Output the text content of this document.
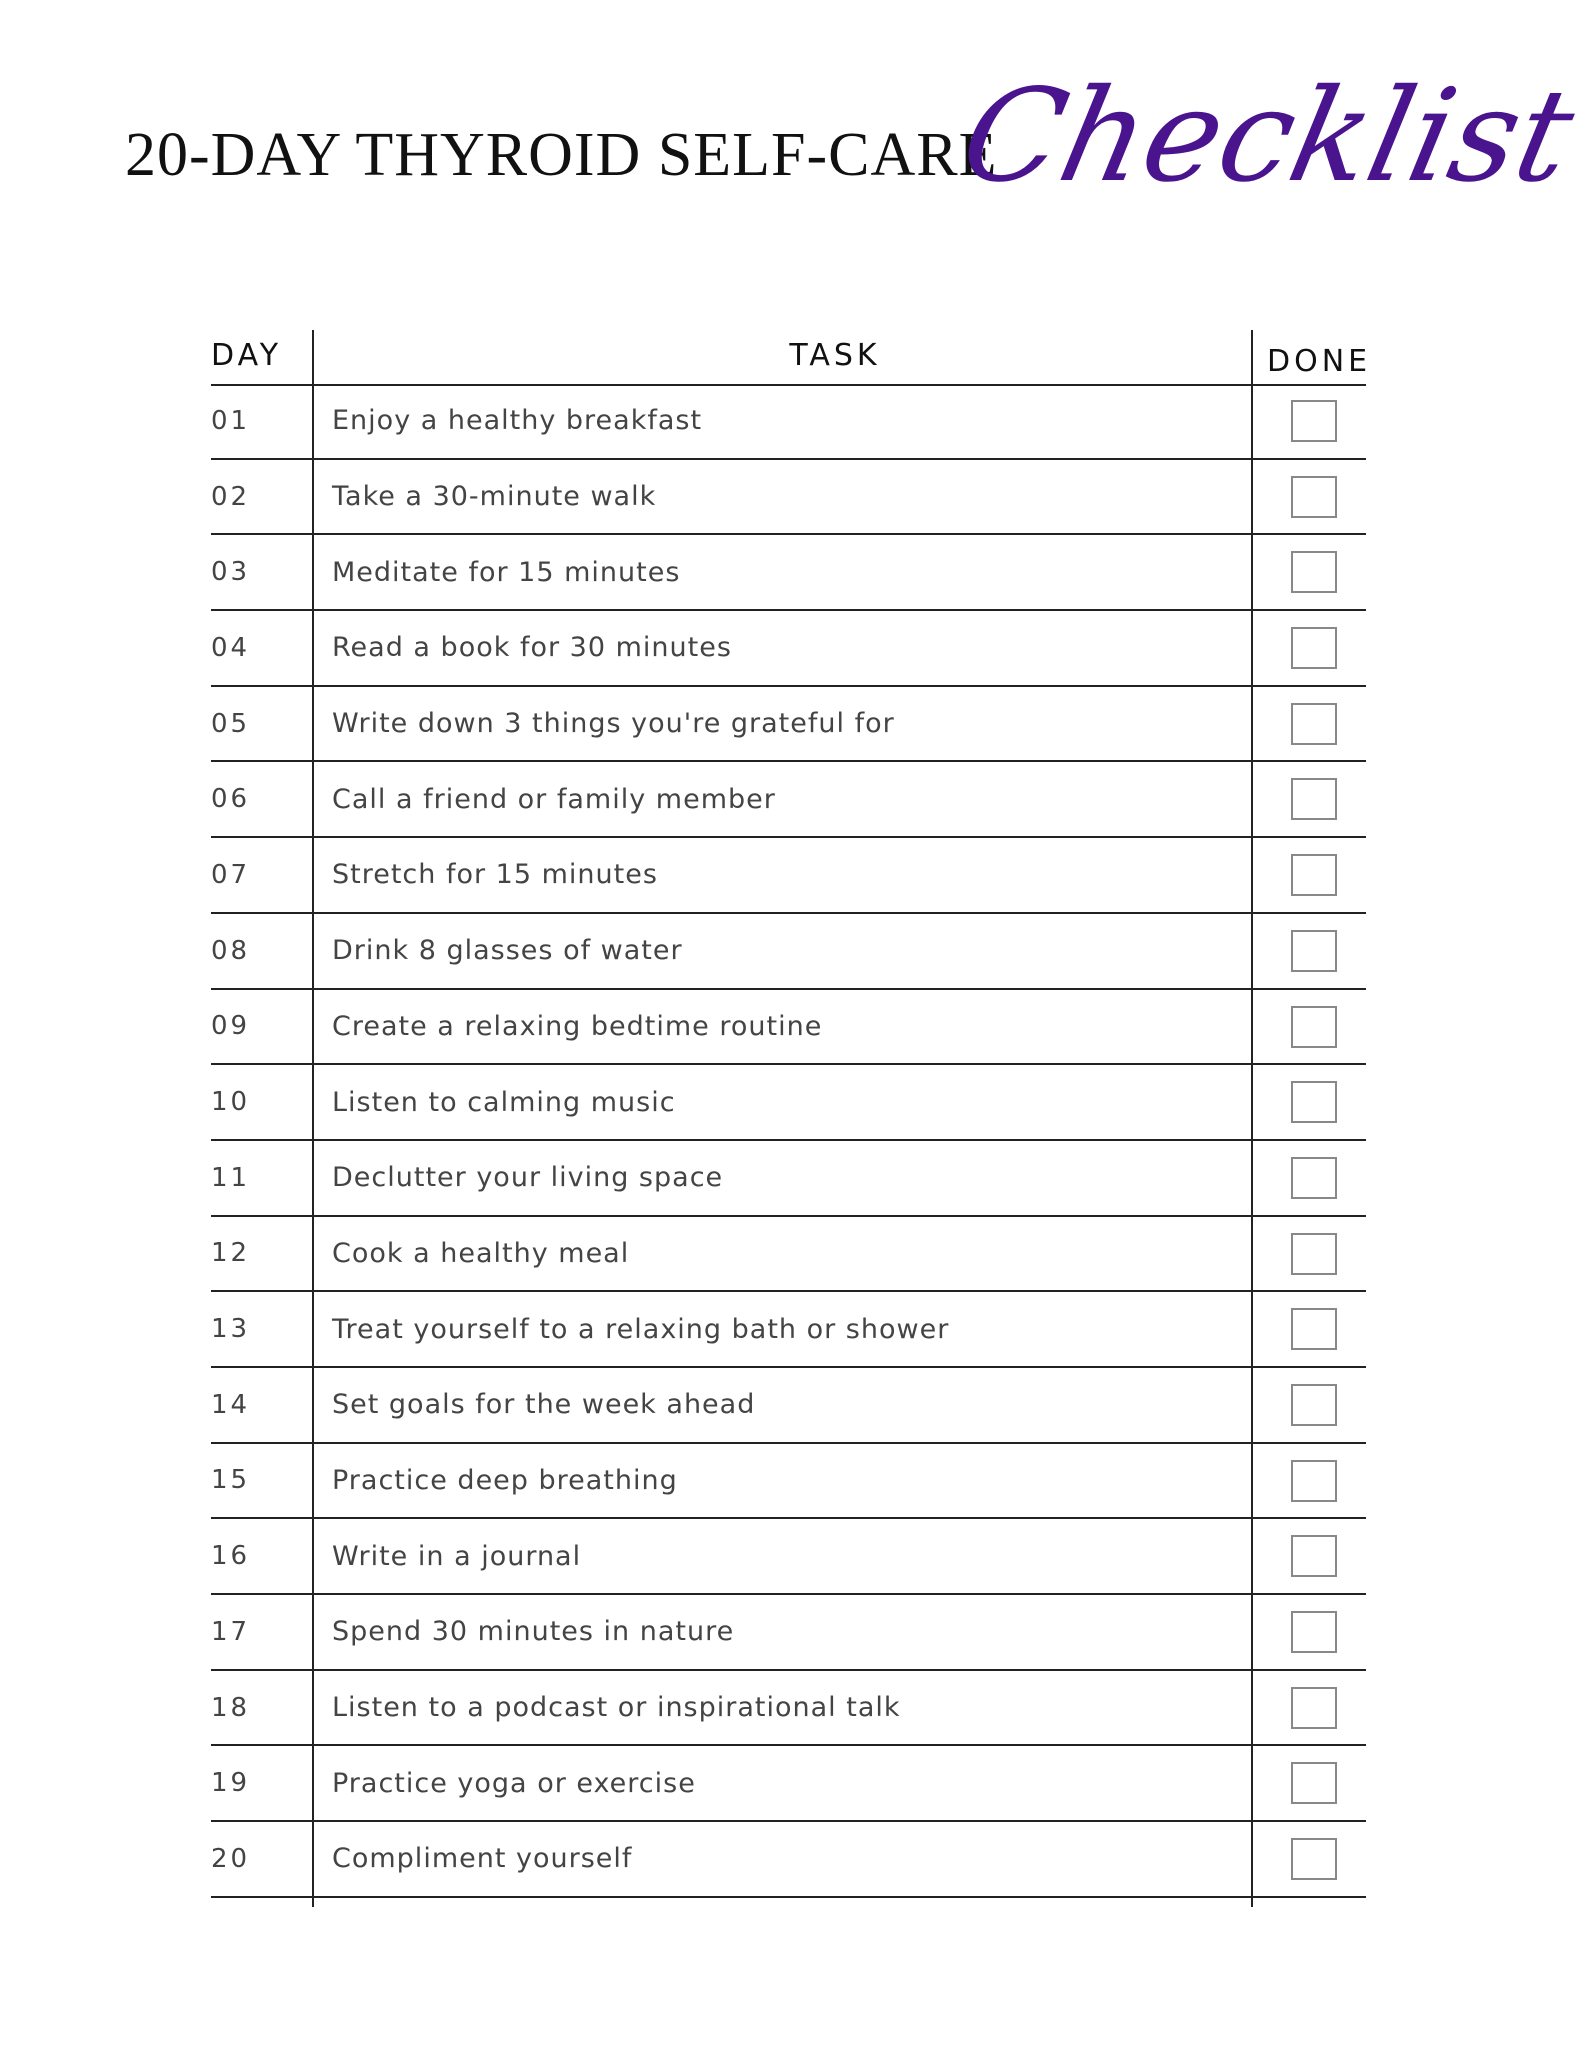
20-DAY THYROID SELF-CARE
Checklist
DAY	TASK	DONE
01	Enjoy a healthy breakfast
02	Take a 30-minute walk
03	Meditate for 15 minutes
04	Read a book for 30 minutes
05	Write down 3 things you're grateful for
06	Call a friend or family member
07	Stretch for 15 minutes
08	Drink 8 glasses of water
09	Create a relaxing bedtime routine
10	Listen to calming music
11	Declutter your living space
12	Cook a healthy meal
13	Treat yourself to a relaxing bath or shower
14	Set goals for the week ahead
15	Practice deep breathing
16	Write in a journal
17	Spend 30 minutes in nature
18	Listen to a podcast or inspirational talk
19	Practice yoga or exercise
20	Compliment yourself
